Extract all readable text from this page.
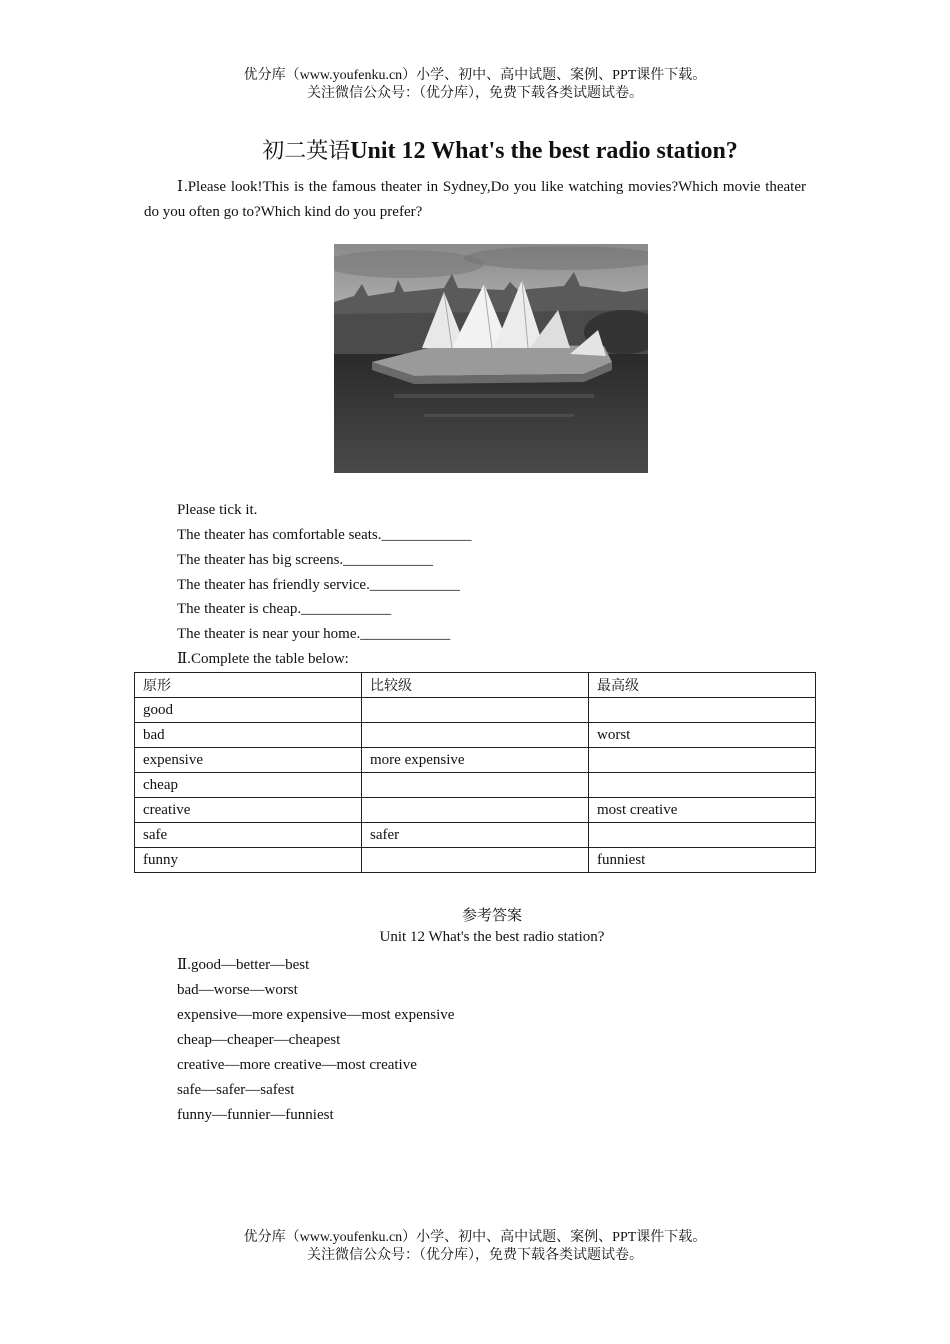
优分库（www.youfenku.cn）小学、初中、高中试题、案例、PPT课件下载。
关注微信公众号：（优分库），免费下载各类试题试卷。
初二英语Unit 12 What's the best radio station?
Ⅰ.Please look!This is the famous theater in Sydney,Do you like watching movies?Which movie theater do you often go to?Which kind do you prefer?
Please tick it.
The theater has comfortable seats.____________
The theater has big screens.____________
The theater has friendly service.____________
The theater is cheap.____________
The theater is near your home.____________
Ⅱ.Complete the table below:
原形	比较级	最高级
good		
bad		worst
expensive	more expensive	
cheap		
creative		most creative
safe	safer	
funny		funniest
参考答案
Unit 12 What's the best radio station?
Ⅱ.good—better—best
bad—worse—worst
expensive—more expensive—most expensive
cheap—cheaper—cheapest
creative—more creative—most creative
safe—safer—safest
funny—funnier—funniest
优分库（www.youfenku.cn）小学、初中、高中试题、案例、PPT课件下载。
关注微信公众号：（优分库），免费下载各类试题试卷。
